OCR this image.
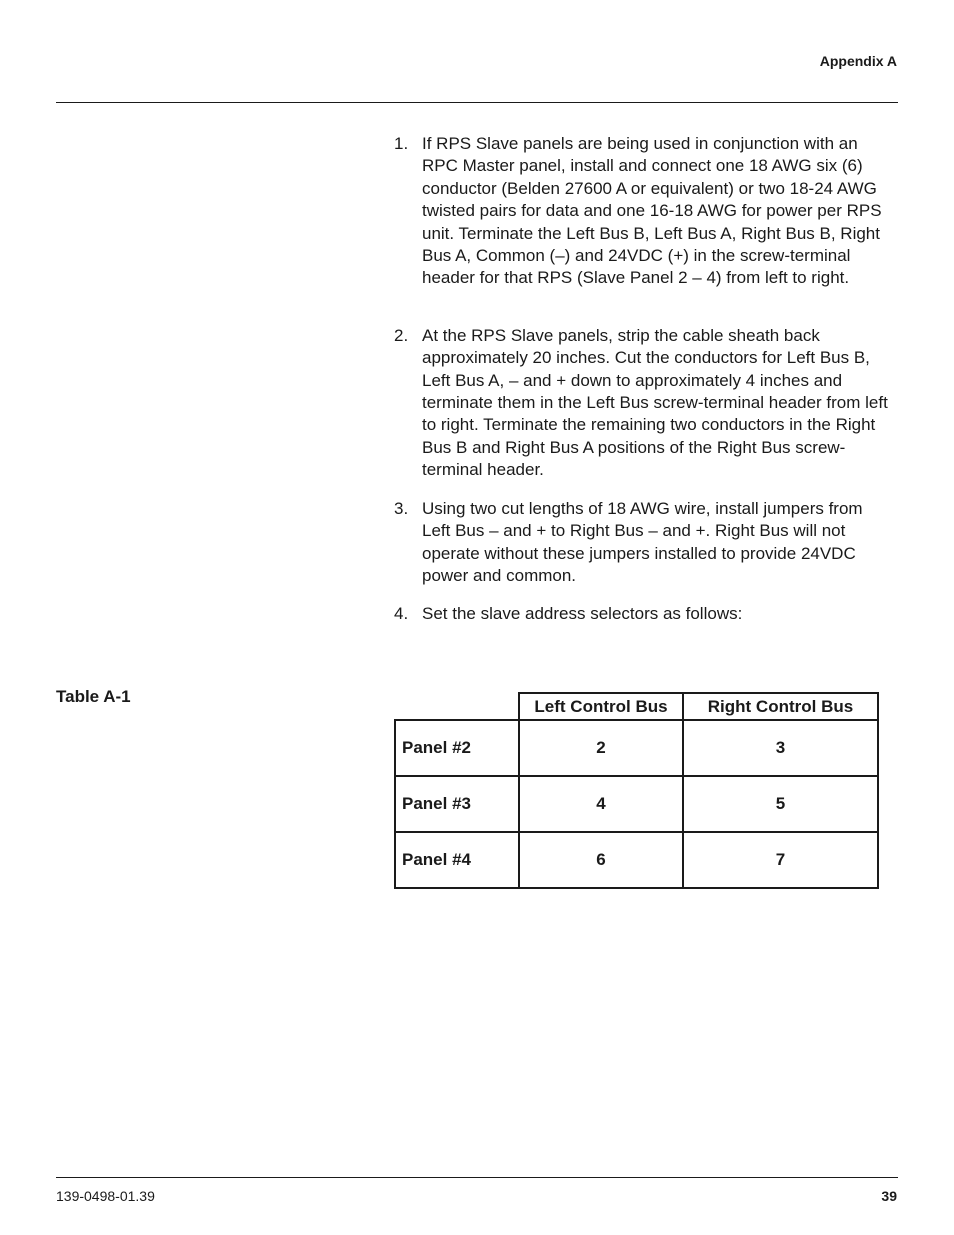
Appendix A
1. If RPS Slave panels are being used in conjunction with an RPC Master panel, install and connect one 18 AWG six (6) conductor (Belden 27600 A or equivalent) or two 18-24 AWG twisted pairs for data and one 16-18 AWG for power per RPS unit. Terminate the Left Bus B, Left Bus A, Right Bus B, Right Bus A, Common (–) and 24VDC (+) in the screw-terminal header for that RPS (Slave Panel 2 – 4) from left to right.
2. At the RPS Slave panels, strip the cable sheath back approximately 20 inches. Cut the conductors for Left Bus B, Left Bus A, – and + down to approximately 4 inches and terminate them in the Left Bus screw-terminal header from left to right. Terminate the remaining two conductors in the Right Bus B and Right Bus A positions of the Right Bus screw-terminal header.
3. Using two cut lengths of 18 AWG wire, install jumpers from Left Bus – and + to Right Bus – and +. Right Bus will not operate without these jumpers installed to provide 24VDC power and common.
4. Set the slave address selectors as follows:
Table A-1
		Left Control Bus	Right Control Bus
Panel #2	2	3
Panel #3	4	5
Panel #4	6	7
139-0498-01.39	39
